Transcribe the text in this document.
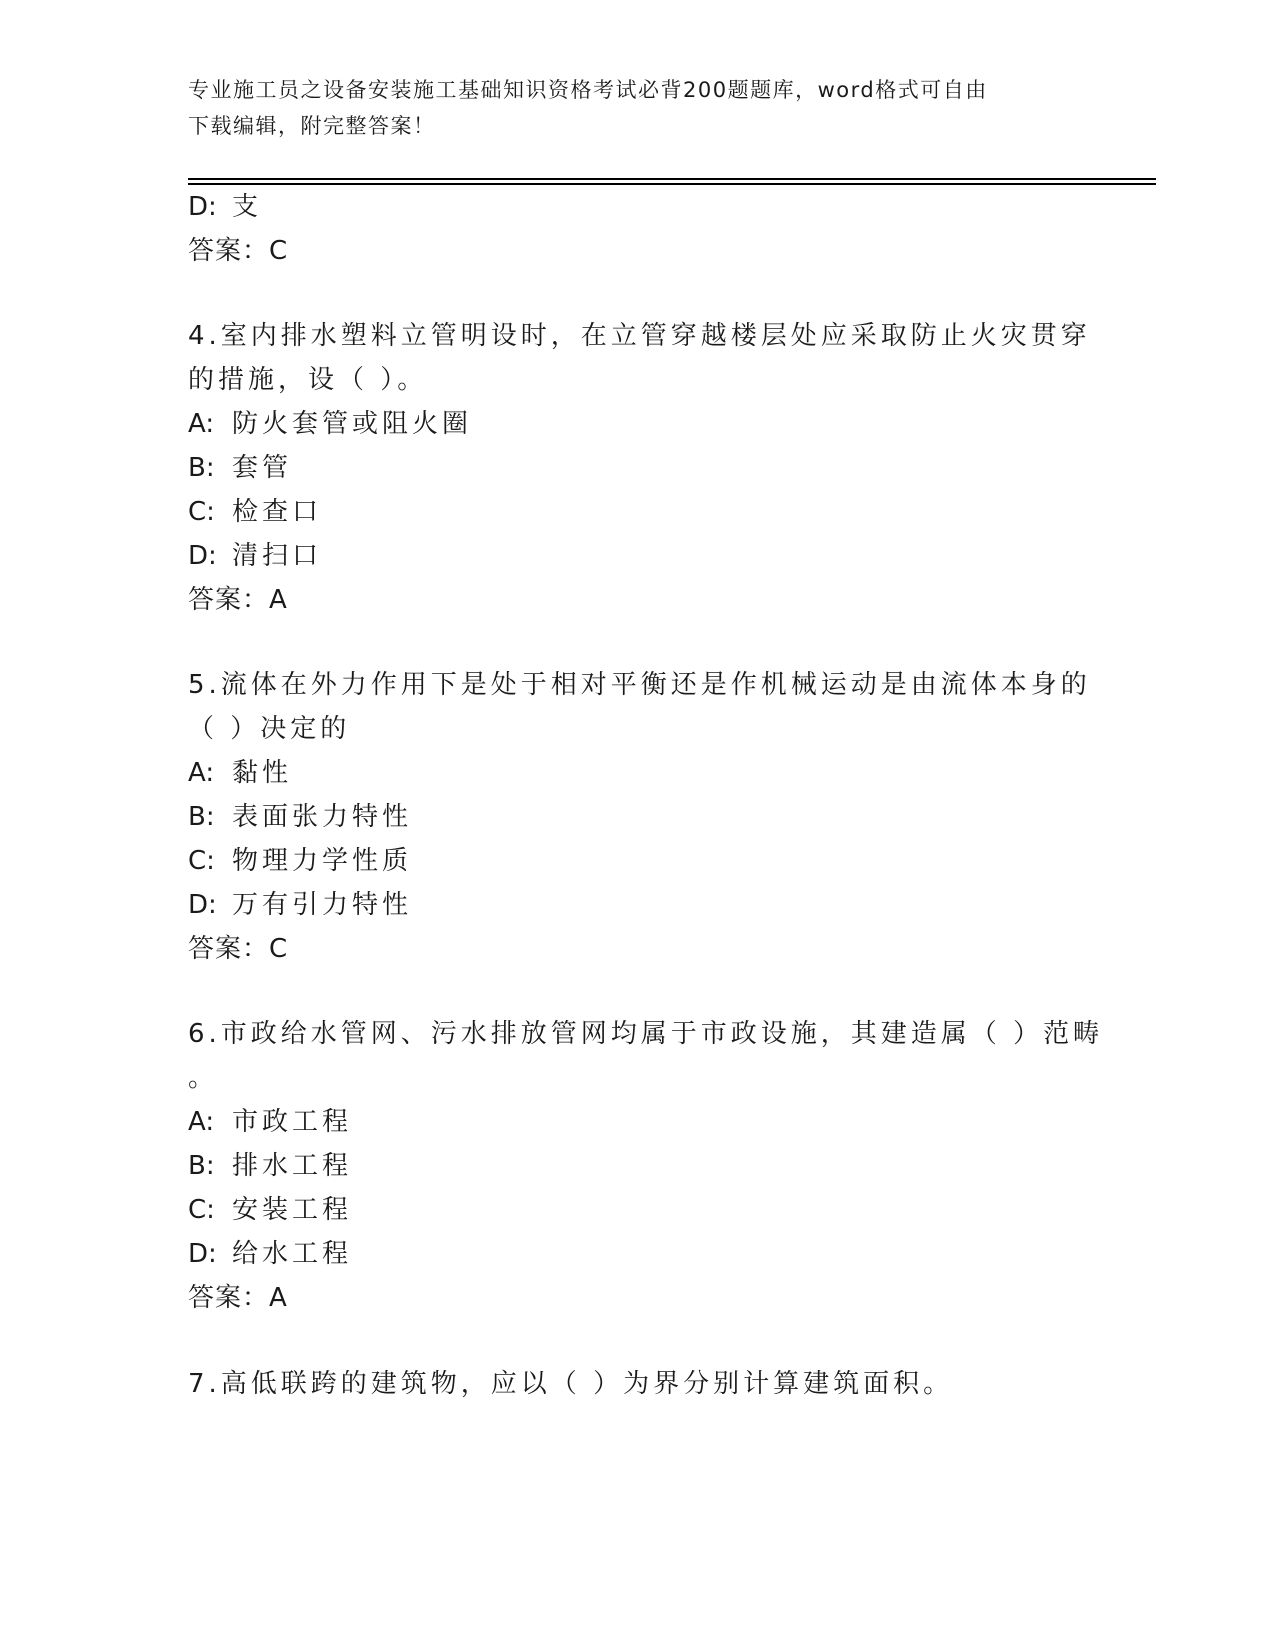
专业施工员之设备安装施工基础知识资格考试必背200题题库，word格式可自由
下载编辑，附完整答案！
D: 支
答案：C
4.室内排水塑料立管明设时，在立管穿越楼层处应采取防止火灾贯穿
的措施，设（ ）。
A: 防火套管或阻火圈
B: 套管
C: 检查口
D: 清扫口
答案：A
5.流体在外力作用下是处于相对平衡还是作机械运动是由流体本身的
（ ）决定的
A: 黏性
B: 表面张力特性
C: 物理力学性质
D: 万有引力特性
答案：C
6.市政给水管网、污水排放管网均属于市政设施，其建造属（ ）范畴
。
A: 市政工程
B: 排水工程
C: 安装工程
D: 给水工程
答案：A
7.高低联跨的建筑物，应以（ ）为界分别计算建筑面积。
